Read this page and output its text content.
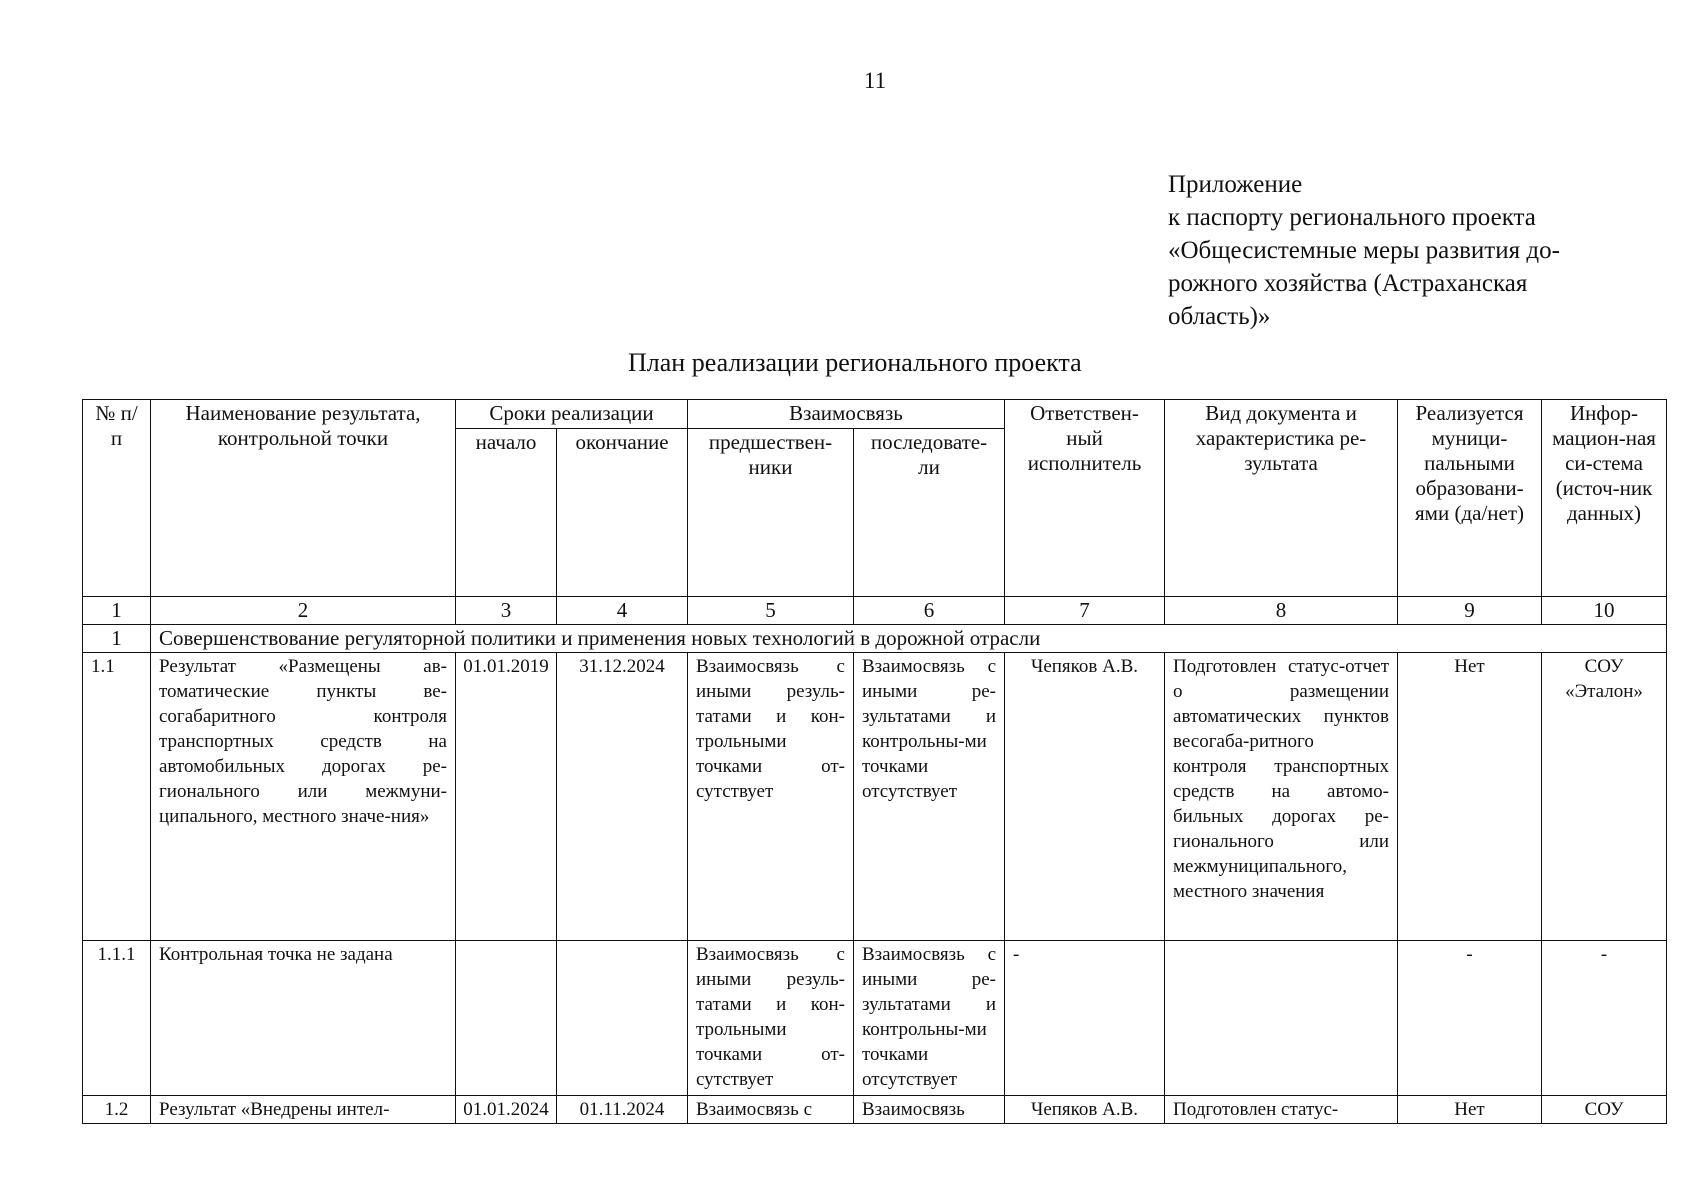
11
Приложение
к паспорту регионального проекта
«Общесистемные меры развития до-
рожного хозяйства (Астраханская
область)»
План реализации регионального проекта
№ п/п	Наименование результата, контрольной точки	Сроки реализации		Взаимосвязь		Ответствен-ный исполнитель	Вид документа и характеристика ре-зультата	Реализуется муници-пальными образовани-ями (да/нет)	Инфор-мацион-ная си-стема (источ-ник данных)
		начало	окончание	предшествен-ники	последовате-ли				
1	2	3	4	5	6	7	8	9	10
1	Совершенствование регуляторной политики и применения новых технологий в дорожной отрасли								
1.1	Результат «Размещены ав-томатические пункты ве-согабаритного контроля транспортных средств на автомобильных дорогах ре-гионального или межмуни-ципального, местного значе-ния»	01.01.2019	31.12.2024	Взаимосвязь с иными резуль-татами и кон-трольными точками от-сутствует	Взаимосвязь с иными ре-зультатами и контрольны-ми точками отсутствует	Чепяков А.В.	Подготовлен статус-отчет о размещении автоматических пунктов весогаба-ритного контроля транспортных средств на автомо-бильных дорогах ре-гионального или межмуниципального, местного значения	Нет	СОУ «Эталон»
1.1.1	Контрольная точка не задана			Взаимосвязь с иными резуль-татами и кон-трольными точками от-сутствует	Взаимосвязь с иными ре-зультатами и контрольны-ми точками отсутствует	-		-	-
1.2	Результат «Внедрены интел-	01.01.2024	01.11.2024	Взаимосвязь с	Взаимосвязь	Чепяков А.В.	Подготовлен статус-	Нет	СОУ
